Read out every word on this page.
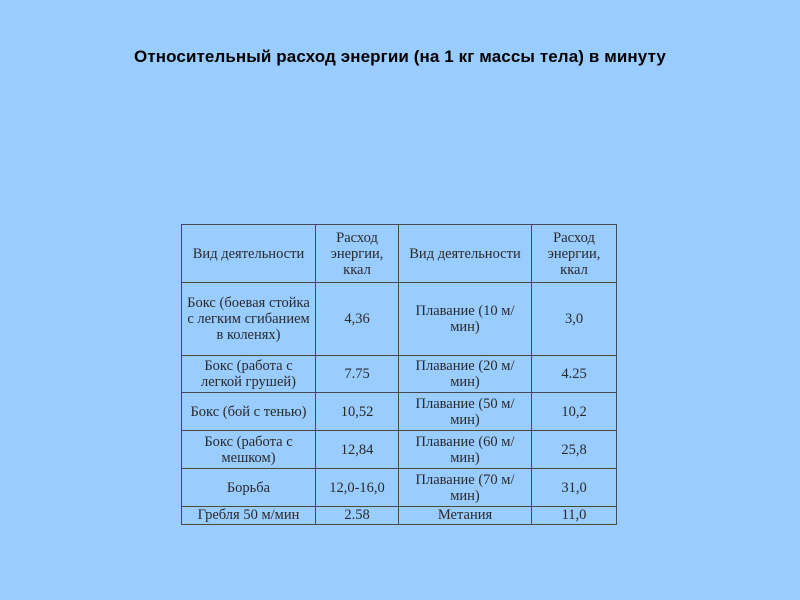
Относительный расход энергии (на 1 кг массы тела) в минуту
Вид деятельности	Расход энергии, ккал	Вид деятельности	Расход энергии, ккал
Бокс (боевая стойка с легким сгибанием в коленях)	4,36	Плавание (10 м/мин)	3,0
Бокс (работа с легкой грушей)	7.75	Плавание (20 м/мин)	4.25
Бокс (бой с тенью)	10,52	Плавание (50 м/мин)	10,2
Бокс (работа с мешком)	12,84	Плавание (60 м/мин)	25,8
Борьба	12,0-16,0	Плавание (70 м/мин)	31,0
Гребля 50 м/мин	2.58	Метания	11,0
